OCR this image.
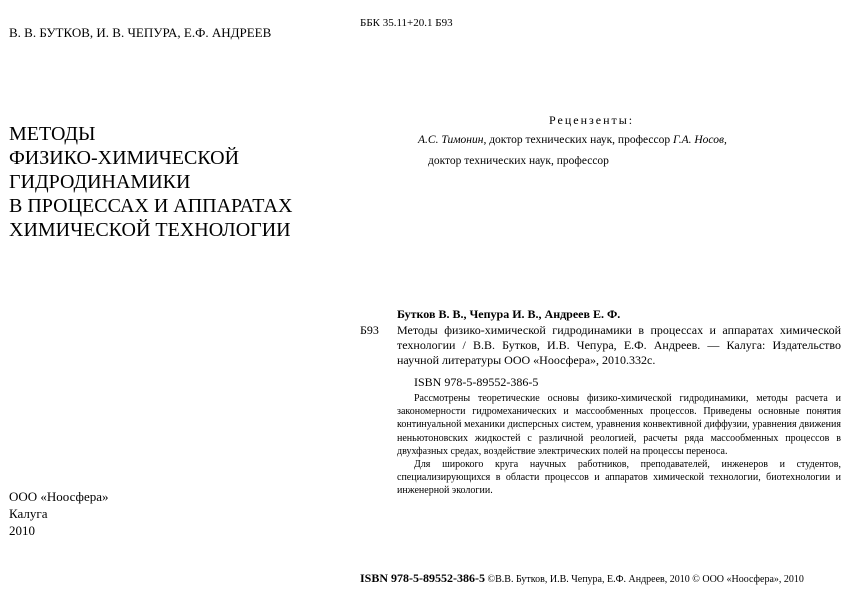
В. В. БУТКОВ, И. В. ЧЕПУРА, Е.Ф. АНДРЕЕВ
МЕТОДЫ
ФИЗИКО-ХИМИЧЕСКОЙ
ГИДРОДИНАМИКИ
В ПРОЦЕССАХ И АППАРАТАХ
ХИМИЧЕСКОЙ ТЕХНОЛОГИИ
ООО «Ноосфера»
Калуга
2010
ББК 35.11+20.1 Б93
Рецензенты:
А.С. Тимонин, доктор технических наук, профессор Г.А. Носов,
доктор технических наук, профессор
Бутков В. В., Чепура И. В., Андреев Е. Ф.
Б93 Методы физико-химической гидродинамики в процессах и аппаратах химической технологии / В.В. Бутков, И.В. Чепура, Е.Ф. Андреев. — Калуга: Издательство научной литературы ООО «Ноосфера», 2010.332с.
ISBN 978-5-89552-386-5

Рассмотрены теоретические основы физико-химической гидродинамики, методы расчета и закономерности гидромеханических и массообменных процессов. Приведены основные понятия континуальной механики дисперсных систем, уравнения конвективной диффузии, уравнения движения неньютоновских жидкостей с различной реологией, расчеты ряда массообменных процессов в двухфазных средах, воздействие электрических полей на процессы переноса.

Для широкого круга научных работников, преподавателей, инженеров и студентов, специализирующихся в области процессов и аппаратов химической технологии, биотехнологии и инженерной экологии.

ISBN 978-5-89552-386-5 ©В.В. Бутков, И.В. Чепура, Е.Ф. Андреев, 2010 © ООО «Ноосфера», 2010
